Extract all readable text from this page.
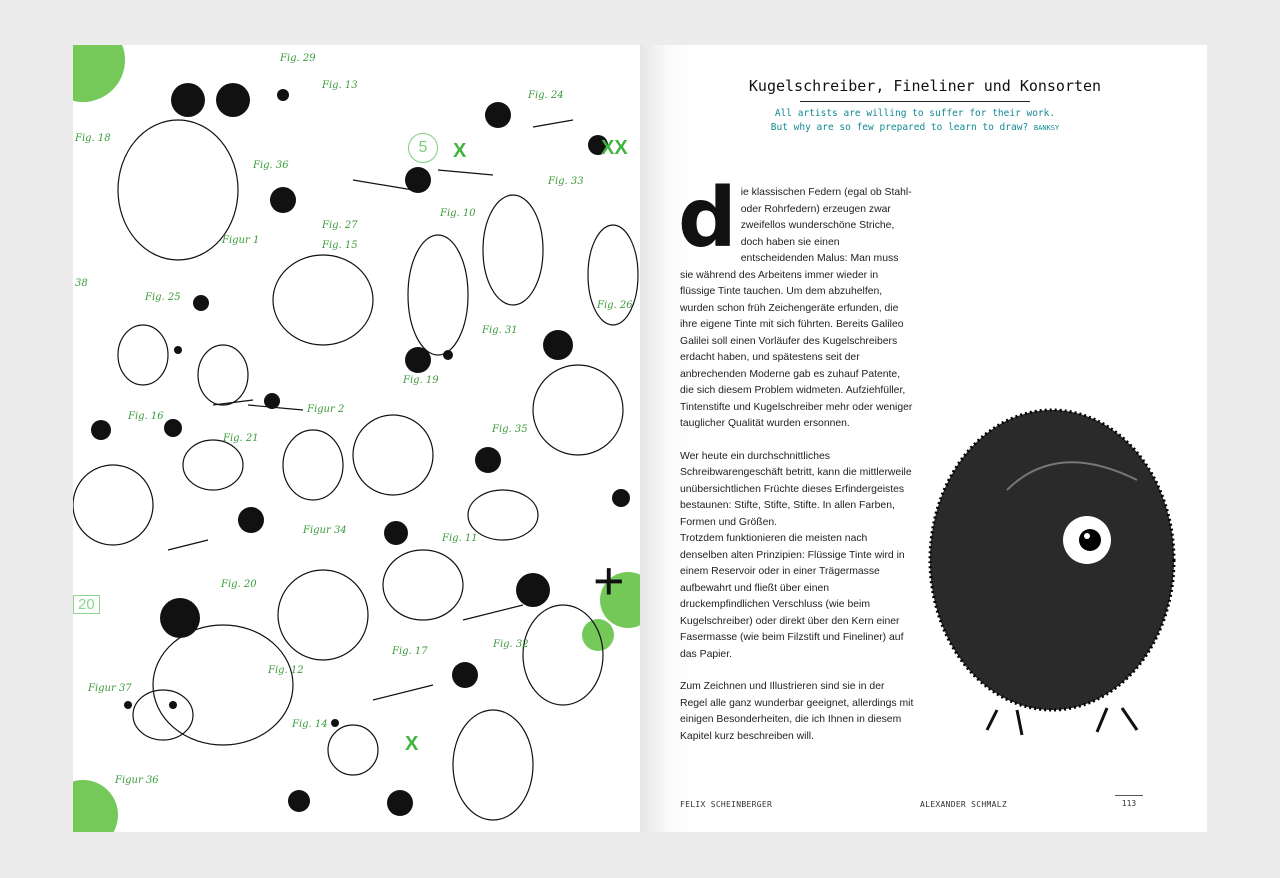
Fig. 29
Fig. 13
Fig. 24
Fig. 18
Fig. 36
Fig. 33
Figur 1
Fig. 27
Fig. 15
Fig. 10
38
Fig. 25
Fig. 26
Fig. 31
Fig. 19
Fig. 16
Figur 2
Fig. 21
Fig. 35
Fig. 11
Figur 34
Fig. 20
Fig. 17
Fig. 32
Fig. 12
Figur 37
Fig. 14
Figur 36
5	X	XX
20
X
+
Kugelschreiber, Fineliner und Konsorten
All artists are willing to suffer for their work.
But why are so few prepared to learn to draw? BANKSY

die klassischen Federn (egal ob Stahl- oder Rohrfedern) erzeugen zwar zweifellos wunderschöne Striche, doch haben sie einen entscheidenden Malus: Man muss sie während des Arbeitens immer wieder in flüssige Tinte tauchen. Um dem abzuhelfen, wurden schon früh Zeichengeräte erfunden, die ihre eigene Tinte mit sich führten. Bereits Galileo Galilei soll einen Vorläufer des Kugelschreibers erdacht haben, und spätestens seit der anbrechenden Moderne gab es zuhauf Patente, die sich diesem Problem widmeten. Aufziehfüller, Tintenstifte und Kugelschreiber mehr oder weniger tauglicher Qualität wurden ersonnen.

Wer heute ein durchschnittliches Schreibwarengeschäft betritt, kann die mittlerweile unübersichtlichen Früchte dieses Erfindergeistes bestaunen: Stifte, Stifte, Stifte. In allen Farben, Formen und Größen.

Trotzdem funktionieren die meisten nach denselben alten Prinzipien: Flüssige Tinte wird in einem Reservoir oder in einer Trägermasse aufbewahrt und fließt über einen druckempfindlichen Verschluss (wie beim Kugelschreiber) oder direkt über den Kern einer Fasermasse (wie beim Filzstift und Fineliner) auf das Papier.

Zum Zeichnen und Illustrieren sind sie in der Regel alle ganz wunderbar geeignet, allerdings mit einigen Besonderheiten, die ich Ihnen in diesem Kapitel kurz beschreiben will.

FELIX SCHEINBERGER	ALEXANDER SCHMALZ	113
